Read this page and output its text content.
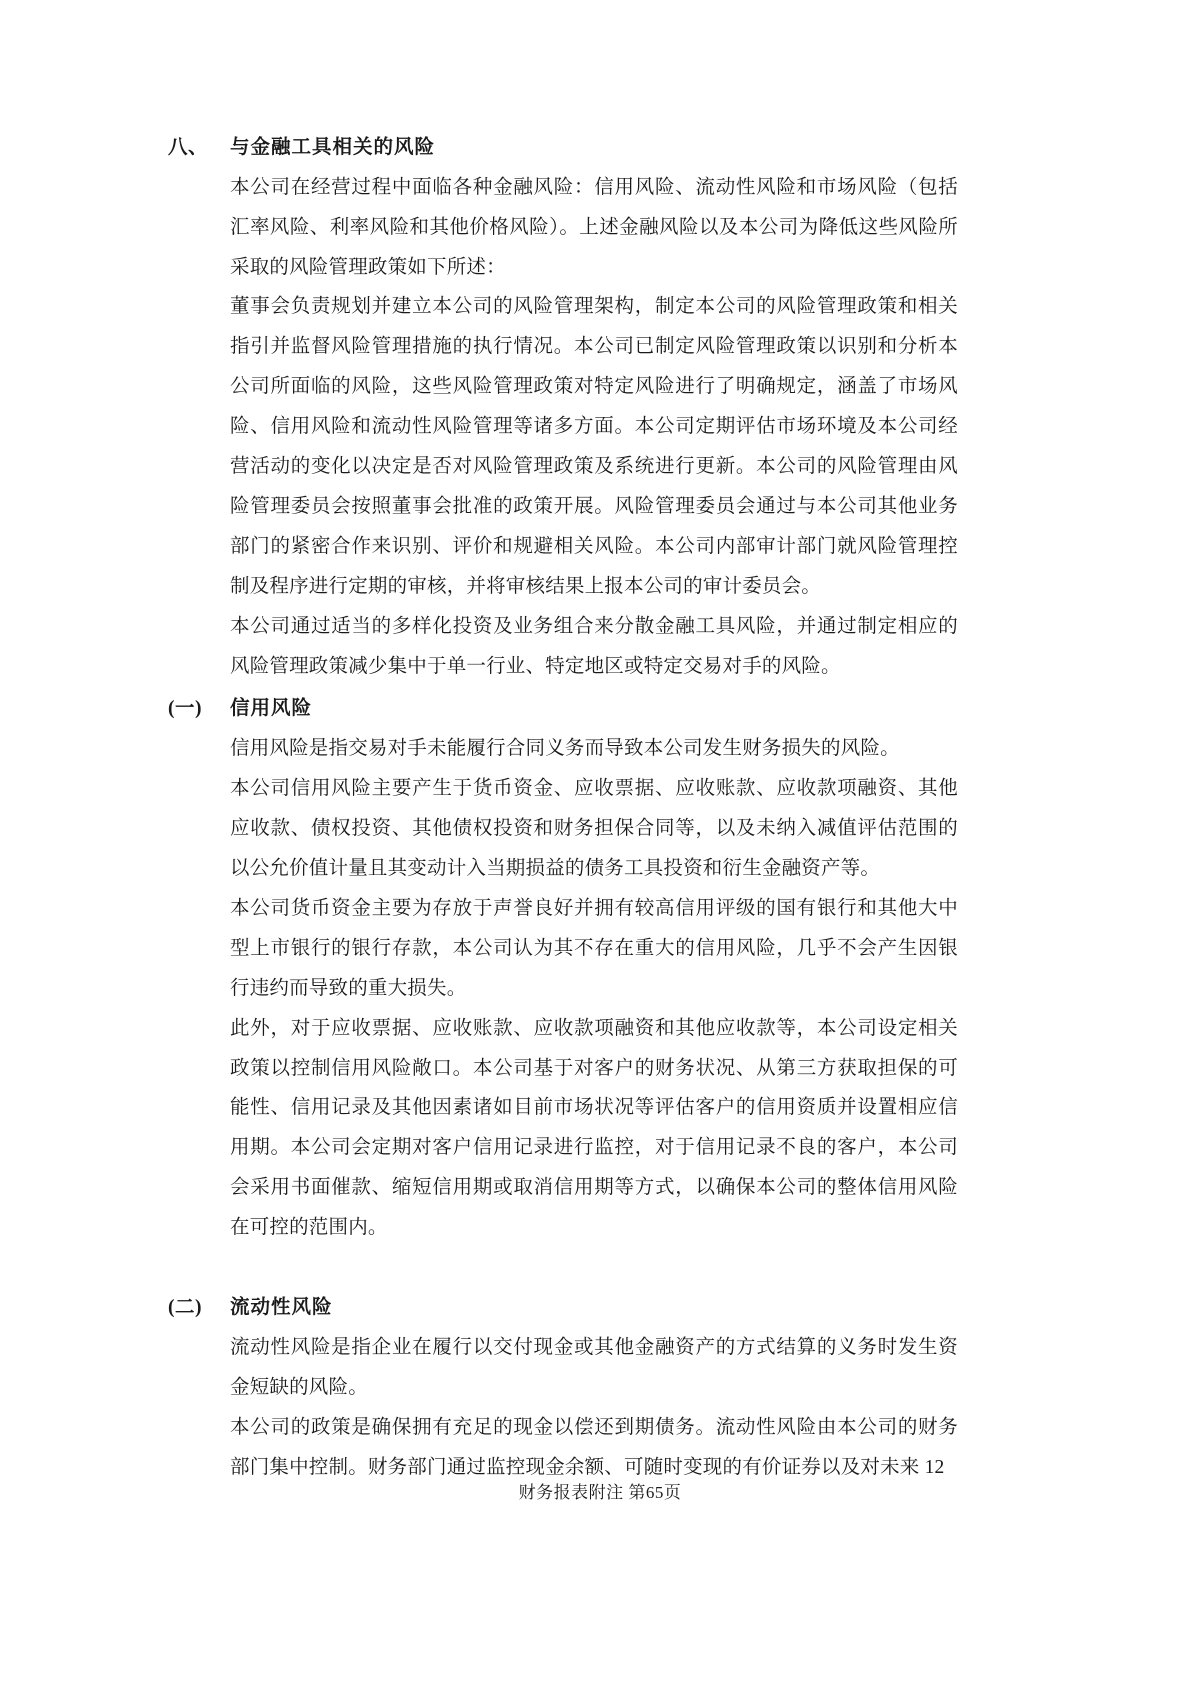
八、	与金融工具相关的风险

本公司在经营过程中面临各种金融风险：信用风险、流动性风险和市场风险（包括汇率风险、利率风险和其他价格风险）。上述金融风险以及本公司为降低这些风险所采取的风险管理政策如下所述：

董事会负责规划并建立本公司的风险管理架构，制定本公司的风险管理政策和相关指引并监督风险管理措施的执行情况。本公司已制定风险管理政策以识别和分析本公司所面临的风险，这些风险管理政策对特定风险进行了明确规定，涵盖了市场风险、信用风险和流动性风险管理等诸多方面。本公司定期评估市场环境及本公司经营活动的变化以决定是否对风险管理政策及系统进行更新。本公司的风险管理由风险管理委员会按照董事会批准的政策开展。风险管理委员会通过与本公司其他业务部门的紧密合作来识别、评价和规避相关风险。本公司内部审计部门就风险管理控制及程序进行定期的审核，并将审核结果上报本公司的审计委员会。

本公司通过适当的多样化投资及业务组合来分散金融工具风险，并通过制定相应的风险管理政策减少集中于单一行业、特定地区或特定交易对手的风险。

(一)	信用风险

信用风险是指交易对手未能履行合同义务而导致本公司发生财务损失的风险。

本公司信用风险主要产生于货币资金、应收票据、应收账款、应收款项融资、其他应收款、债权投资、其他债权投资和财务担保合同等，以及未纳入减值评估范围的以公允价值计量且其变动计入当期损益的债务工具投资和衍生金融资产等。

本公司货币资金主要为存放于声誉良好并拥有较高信用评级的国有银行和其他大中型上市银行的银行存款，本公司认为其不存在重大的信用风险，几乎不会产生因银行违约而导致的重大损失。

此外，对于应收票据、应收账款、应收款项融资和其他应收款等，本公司设定相关政策以控制信用风险敞口。本公司基于对客户的财务状况、从第三方获取担保的可能性、信用记录及其他因素诸如目前市场状况等评估客户的信用资质并设置相应信用期。本公司会定期对客户信用记录进行监控，对于信用记录不良的客户，本公司会采用书面催款、缩短信用期或取消信用期等方式，以确保本公司的整体信用风险在可控的范围内。

(二)	流动性风险

流动性风险是指企业在履行以交付现金或其他金融资产的方式结算的义务时发生资金短缺的风险。

本公司的政策是确保拥有充足的现金以偿还到期债务。流动性风险由本公司的财务部门集中控制。财务部门通过监控现金余额、可随时变现的有价证券以及对未来 12

财务报表附注 第65页
